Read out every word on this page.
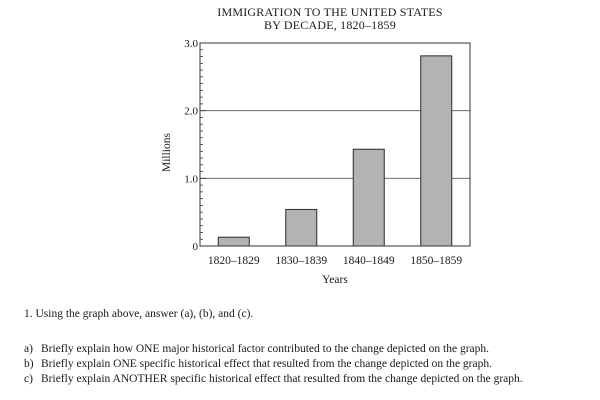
IMMIGRATION TO THE UNITED STATES
BY DECADE, 1820–1859
0
1.0
2.0
3.0
1820–1829 1830–1839 1840–1849 1850–1859
Years
Millions
1. Using the graph above, answer (a), (b), and (c).
a) Briefly explain how ONE major historical factor contributed to the change depicted on the graph.
b) Briefly explain ONE specific historical effect that resulted from the change depicted on the graph.
c) Briefly explain ANOTHER specific historical effect that resulted from the change depicted on the graph.
